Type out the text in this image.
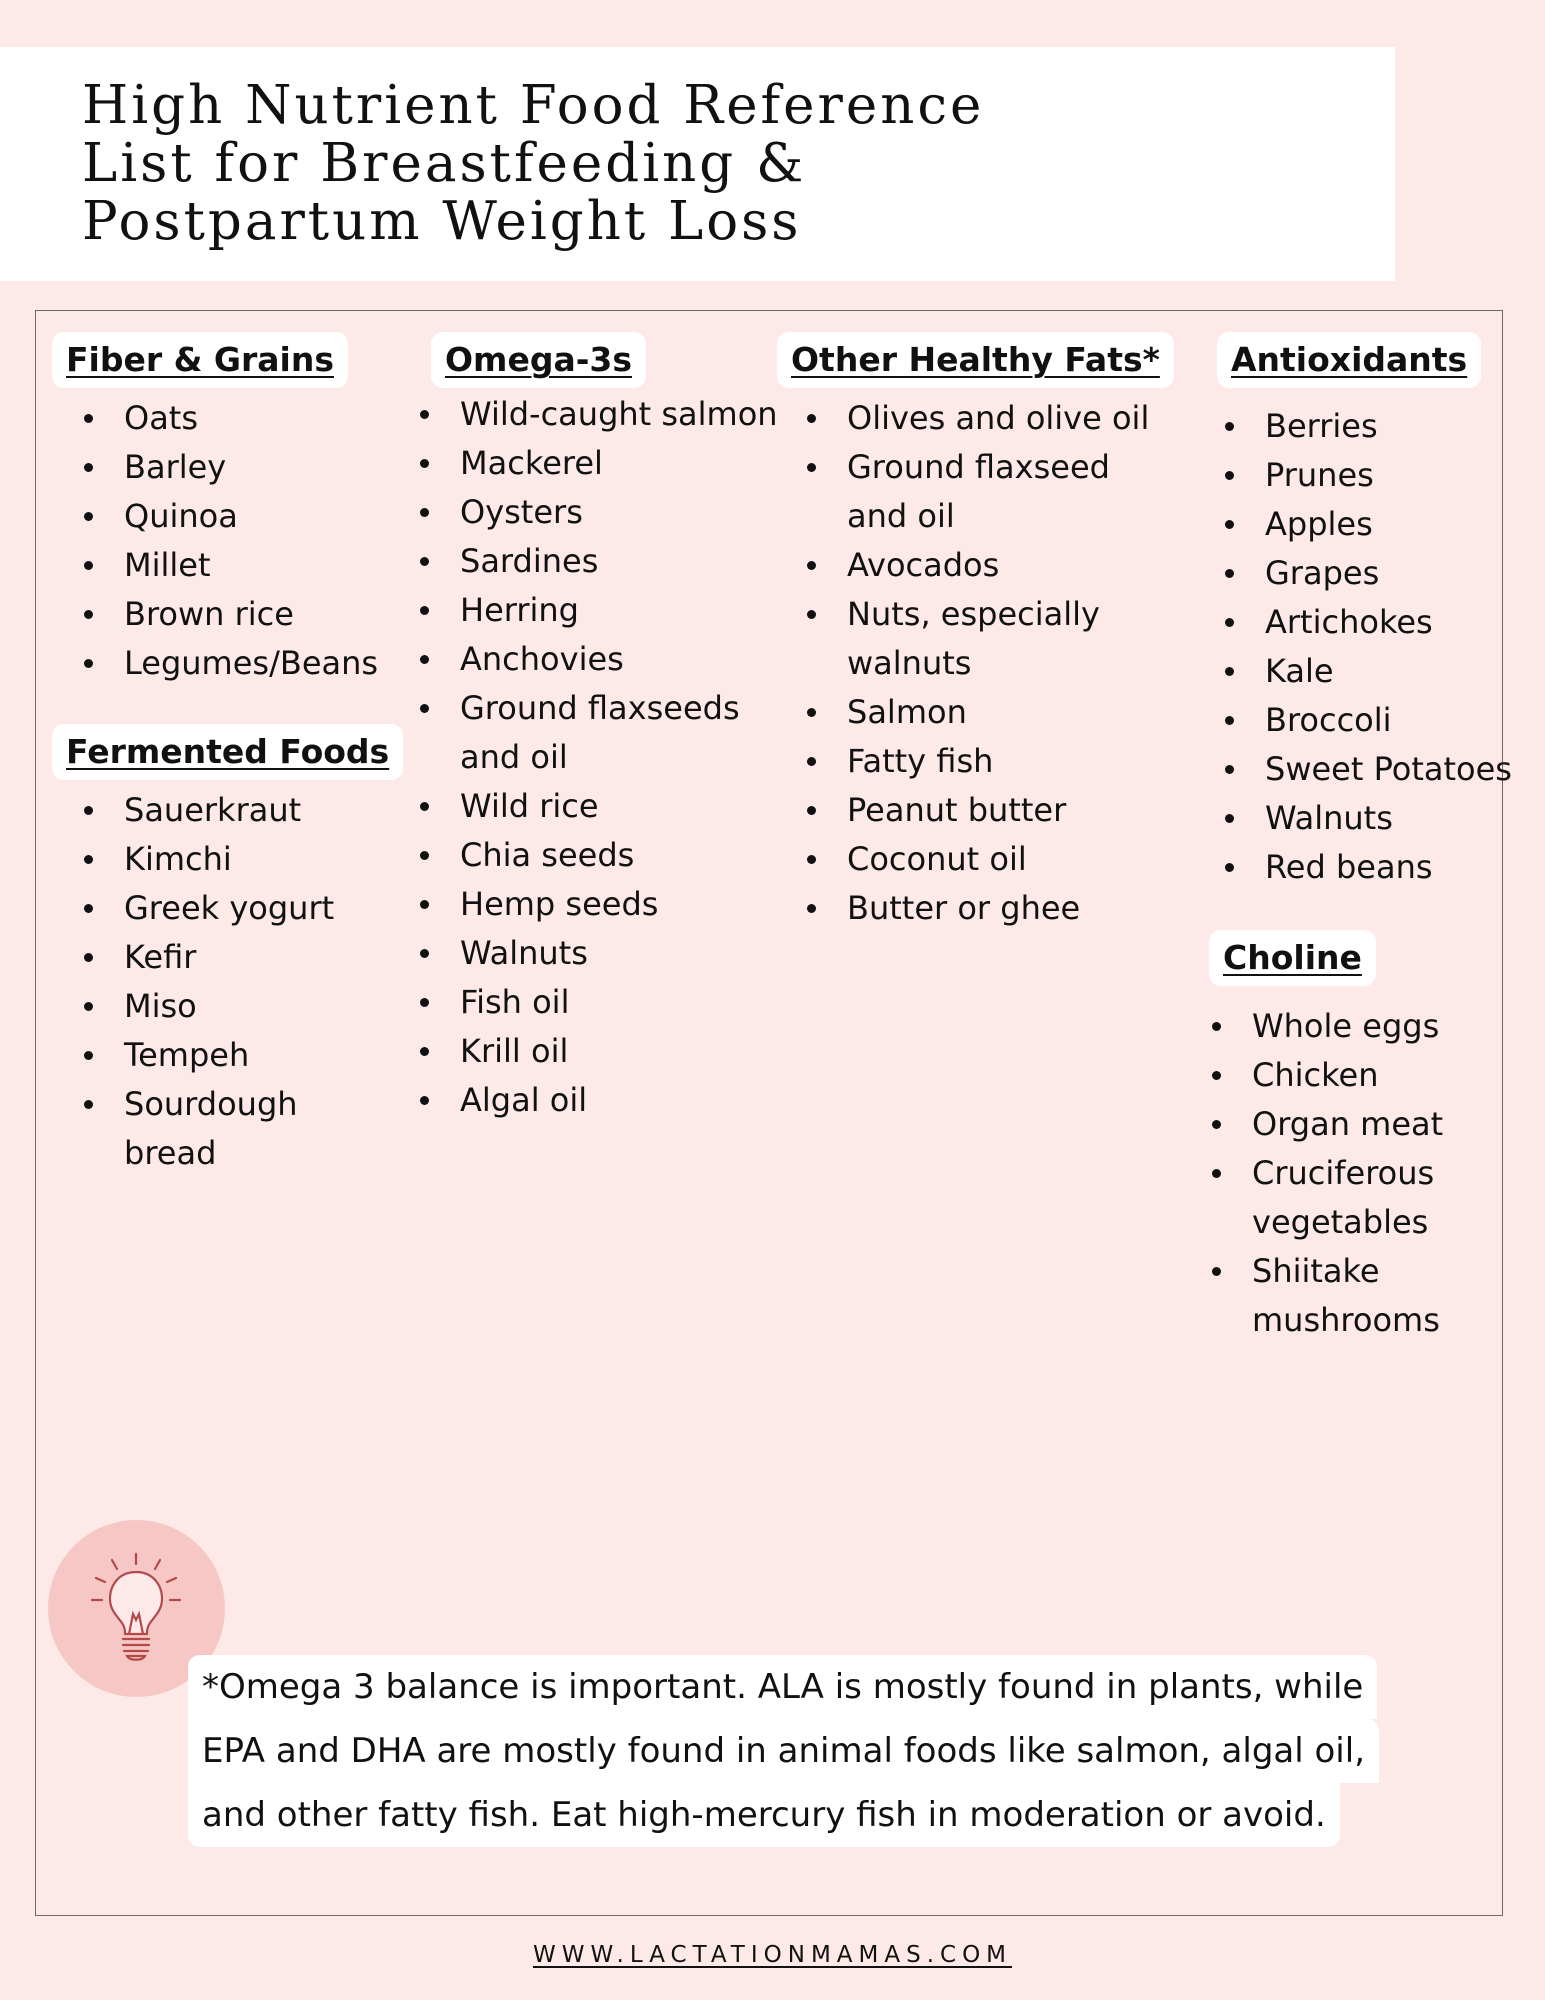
High Nutrient Food Reference
List for Breastfeeding &
Postpartum Weight Loss
Fiber & Grains
Oats
Barley
Quinoa
Millet
Brown rice
Legumes/Beans
Fermented Foods
Sauerkraut
Kimchi
Greek yogurt
Kefir
Miso
Tempeh
Sourdough
bread
Omega-3s
Wild-caught salmon
Mackerel
Oysters
Sardines
Herring
Anchovies
Ground flaxseeds
and oil
Wild rice
Chia seeds
Hemp seeds
Walnuts
Fish oil
Krill oil
Algal oil
Other Healthy Fats*
Olives and olive oil
Ground flaxseed
and oil
Avocados
Nuts, especially
walnuts
Salmon
Fatty fish
Peanut butter
Coconut oil
Butter or ghee
Antioxidants
Berries
Prunes
Apples
Grapes
Artichokes
Kale
Broccoli
Sweet Potatoes
Walnuts
Red beans
Choline
Whole eggs
Chicken
Organ meat
Cruciferous
vegetables
Shiitake
mushrooms
*Omega 3 balance is important. ALA is mostly found in plants, while
EPA and DHA are mostly found in animal foods like salmon, algal oil,
and other fatty fish. Eat high-mercury fish in moderation or avoid.
WWW.LACTATIONMAMAS.COM
